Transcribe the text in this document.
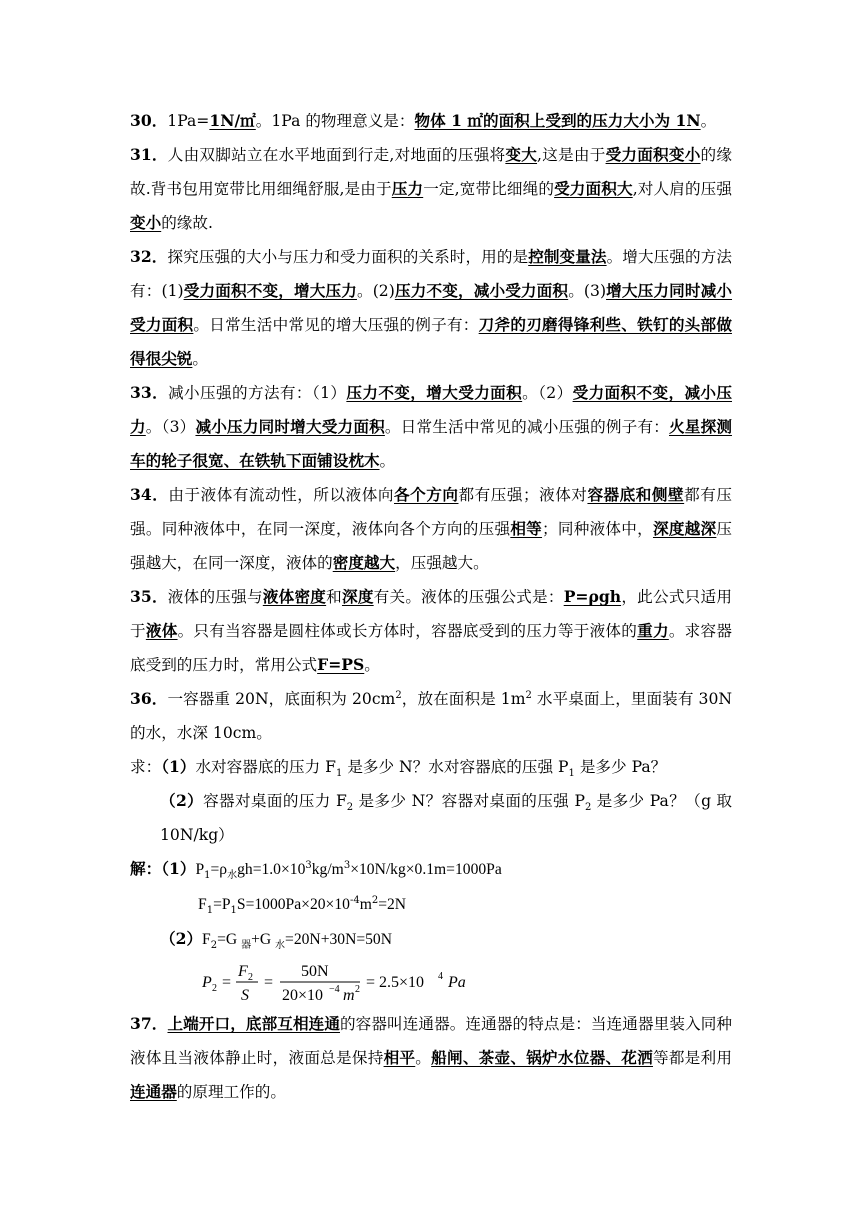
30．1Pa=1N/㎡。1Pa 的物理意义是：物体 1 ㎡的面积上受到的压力大小为 1N。

31．人由双脚站立在水平地面到行走,对地面的压强将变大,这是由于受力面积变小的缘故.背书包用宽带比用细绳舒服,是由于压力一定,宽带比细绳的受力面积大,对人肩的压强变小的缘故.

32．探究压强的大小与压力和受力面积的关系时，用的是控制变量法。增大压强的方法有：(1)受力面积不变，增大压力。(2)压力不变，减小受力面积。(3)增大压力同时减小受力面积。日常生活中常见的增大压强的例子有：刀斧的刃磨得锋利些、铁钉的头部做得很尖锐。

33．减小压强的方法有：（1）压力不变，增大受力面积。（2）受力面积不变，减小压力。（3）减小压力同时增大受力面积。日常生活中常见的减小压强的例子有：火星探测车的轮子很宽、在铁轨下面铺设枕木。

34．由于液体有流动性，所以液体向各个方向都有压强；液体对容器底和侧壁都有压强。同种液体中，在同一深度，液体向各个方向的压强相等；同种液体中，深度越深压强越大，在同一深度，液体的密度越大，压强越大。

35．液体的压强与液体密度和深度有关。液体的压强公式是：P=ρgh，此公式只适用于液体。只有当容器是圆柱体或长方体时，容器底受到的压力等于液体的重力。求容器底受到的压力时，常用公式F=PS。

36．一容器重 20N，底面积为 $20cm^2$，放在面积是 $1m^2$ 水平桌面上，里面装有 30N 的水，水深 10cm。

求：（1）水对容器底的压力 $F_1$ 是多少 N？水对容器底的压强 $P_1$ 是多少 Pa？

（2）容器对桌面的压力 $F_2$ 是多少 N？容器对桌面的压强 $P_2$ 是多少 Pa？（g 取 10N/kg）

解：$(1)P_1=\rho_水gh=1.0\times 10^3kg/m^3\times 10N/kg\times 0.1m=1000Pa$

$F_1=P_1S=1000Pa\times 20\times 10^{-4}m^2=2N$

$(2)F_2=G$ $_器$+G $_水$=20N+30N=50N

P 2 =
F 2
S
=
50N
20×10 −4 m 2 = 2.5×10 4 Pa

37．上端开口，底部互相连通的容器叫连通器。连通器的特点是：当连通器里装入同种液体且当液体静止时，液面总是保持相平。船闸、茶壶、锅炉水位器、花洒等都是利用连通器的原理工作的。
